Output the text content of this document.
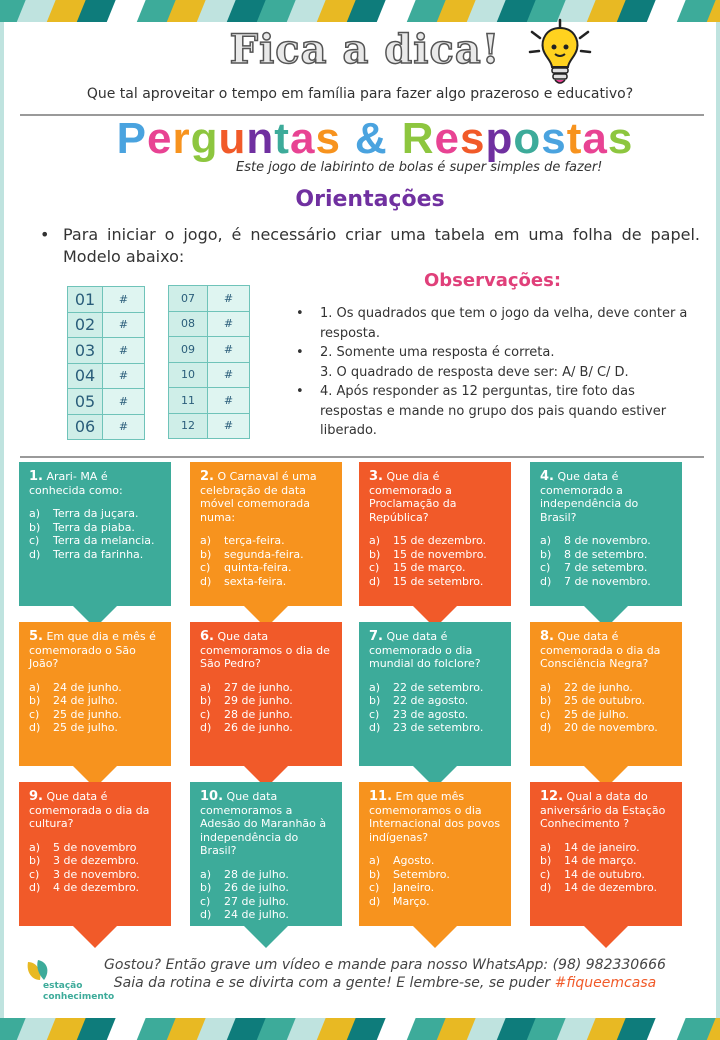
Fica a dica!
Que tal aproveitar o tempo em família para fazer algo prazeroso e educativo?
Perguntas & Respostas
Este jogo de labirinto de bolas é super simples de fazer!
Orientações
• Para iniciar o jogo, é necessário criar uma tabela em uma folha de papel. Modelo abaixo:
01	#
02	#
03	#
04	#
05	#
06	#
07	#
08	#
09	#
10	#
11	#
12	#
Observações:
• 1. Os quadrados que tem o jogo da velha, deve conter a resposta.
• 2. Somente uma resposta é correta.
3. O quadrado de resposta deve ser: A/ B/ C/ D.
• 4. Após responder as 12 perguntas, tire foto das respostas e mande no grupo dos pais quando estiver liberado.
1. Arari- MA é conhecida como:
a)	Terra da juçara.
b)	Terra da piaba.
c)	Terra da melancia.
d)	Terra da farinha.
2. O Carnaval é uma celebração de data móvel comemorada numa:
a)	terça-feira.
b)	segunda-feira.
c)	quinta-feira.
d)	sexta-feira.
3. Que dia é comemorado a Proclamação da República?
a)	15 de dezembro.
b)	15 de novembro.
c)	15 de março.
d)	15 de setembro.
4. Que data é comemorado a independência do Brasil?
a)	8 de novembro.
b)	8 de setembro.
c)	7 de setembro.
d)	7 de novembro.
5. Em que dia e mês é comemorado o São João?
a)	24 de junho.
b)	24 de julho.
c)	25 de junho.
d)	25 de julho.
6. Que data comemoramos o dia de São Pedro?
a)	27 de junho.
b)	29 de junho.
c)	28 de junho.
d)	26 de junho.
7. Que data é comemorado o dia mundial do folclore?
a)	22 de setembro.
b)	22 de agosto.
c)	23 de agosto.
d)	23 de setembro.
8. Que data é comemorada o dia da Consciência Negra?
a)	22 de junho.
b)	25 de outubro.
c)	25 de julho.
d)	20 de novembro.
9. Que data é comemorada o dia da cultura?
a)	5 de novembro
b)	3 de dezembro.
c)	3 de novembro.
d)	4 de dezembro.
10. Que data comemoramos a Adesão do Maranhão à independência do Brasil?
a)	28 de julho.
b)	26 de julho.
c)	27 de julho.
d)	24 de julho.
11. Em que mês comemoramos o dia Internacional dos povos indígenas?
a)	Agosto.
b)	Setembro.
c)	Janeiro.
d)	Março.
12. Qual a data do aniversário da Estação Conhecimento ?
a)	14 de janeiro.
b)	14 de março.
c)	14 de outubro.
d)	14 de dezembro.
estação
conhecimento
Gostou? Então grave um vídeo e mande para nosso WhatsApp: (98) 982330666
Saia da rotina e se divirta com a gente! E lembre-se, se puder #fiqueemcasa
